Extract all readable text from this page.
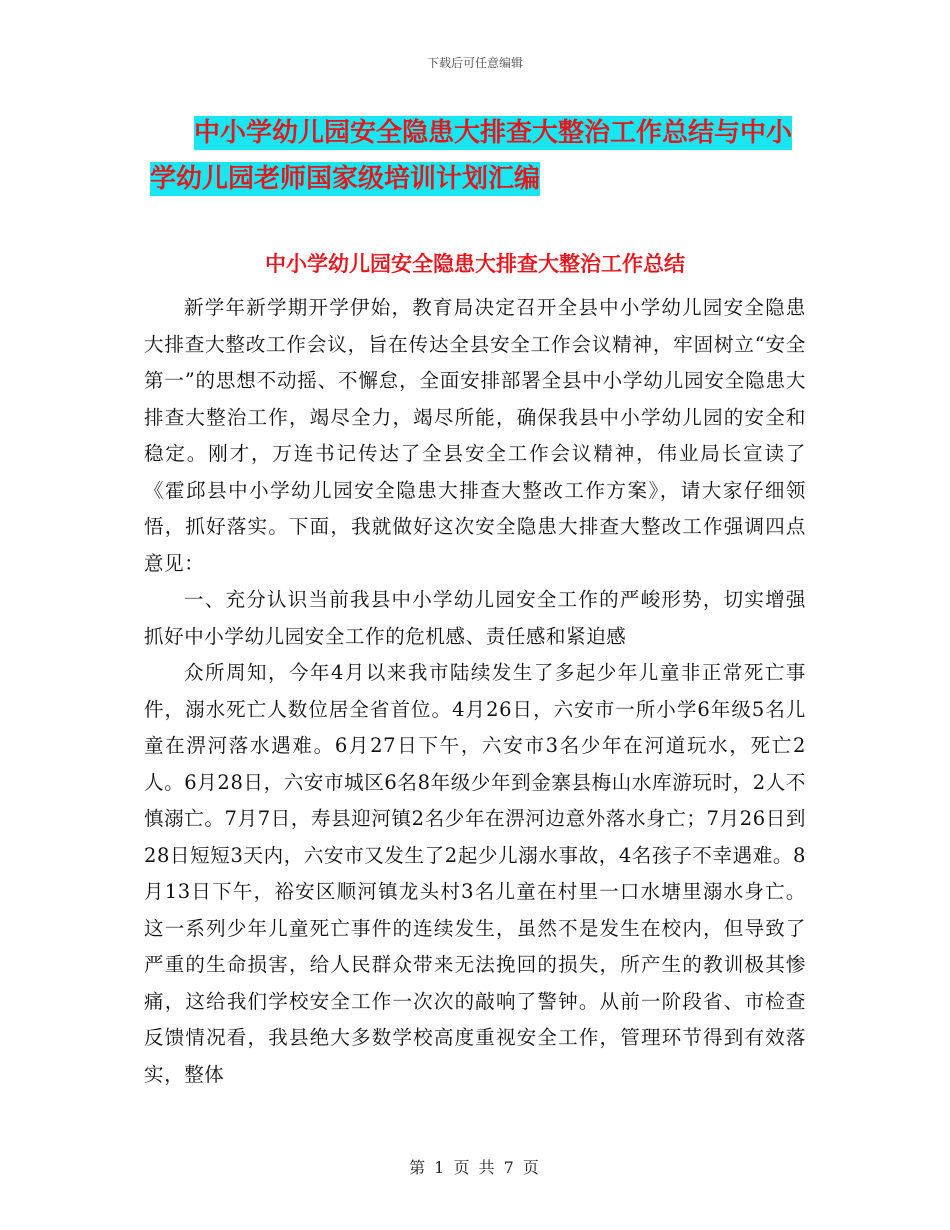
下载后可任意编辑
中小学幼儿园安全隐患大排查大整治工作总结与中小
学幼儿园老师国家级培训计划汇编
中小学幼儿园安全隐患大排查大整治工作总结

新学年新学期开学伊始，教育局决定召开全县中小学幼儿园安全隐患大排查大整改工作会议，旨在传达全县安全工作会议精神，牢固树立“安全第一”的思想不动摇、不懈怠，全面安排部署全县中小学幼儿园安全隐患大排查大整治工作，竭尽全力，竭尽所能，确保我县中小学幼儿园的安全和稳定。刚才，万连书记传达了全县安全工作会议精神，伟业局长宣读了《霍邱县中小学幼儿园安全隐患大排查大整改工作方案》，请大家仔细领悟，抓好落实。下面，我就做好这次安全隐患大排查大整改工作强调四点意见：

一、充分认识当前我县中小学幼儿园安全工作的严峻形势，切实增强抓好中小学幼儿园安全工作的危机感、责任感和紧迫感

众所周知，今年4月以来我市陆续发生了多起少年儿童非正常死亡事件，溺水死亡人数位居全省首位。4月26日，六安市一所小学6年级5名儿童在淠河落水遇难。6月27日下午，六安市3名少年在河道玩水，死亡2人。6月28日，六安市城区6名8年级少年到金寨县梅山水库游玩时，2人不慎溺亡。7月7日，寿县迎河镇2名少年在淠河边意外落水身亡；7月26日到28日短短3天内，六安市又发生了2起少儿溺水事故，4名孩子不幸遇难。8月13日下午，裕安区顺河镇龙头村3名儿童在村里一口水塘里溺水身亡。这一系列少年儿童死亡事件的连续发生，虽然不是发生在校内，但导致了严重的生命损害，给人民群众带来无法挽回的损失，所产生的教训极其惨痛，这给我们学校安全工作一次次的敲响了警钟。从前一阶段省、市检查反馈情况看，我县绝大多数学校高度重视安全工作，管理环节得到有效落实，整体

第 1 页 共 7 页
